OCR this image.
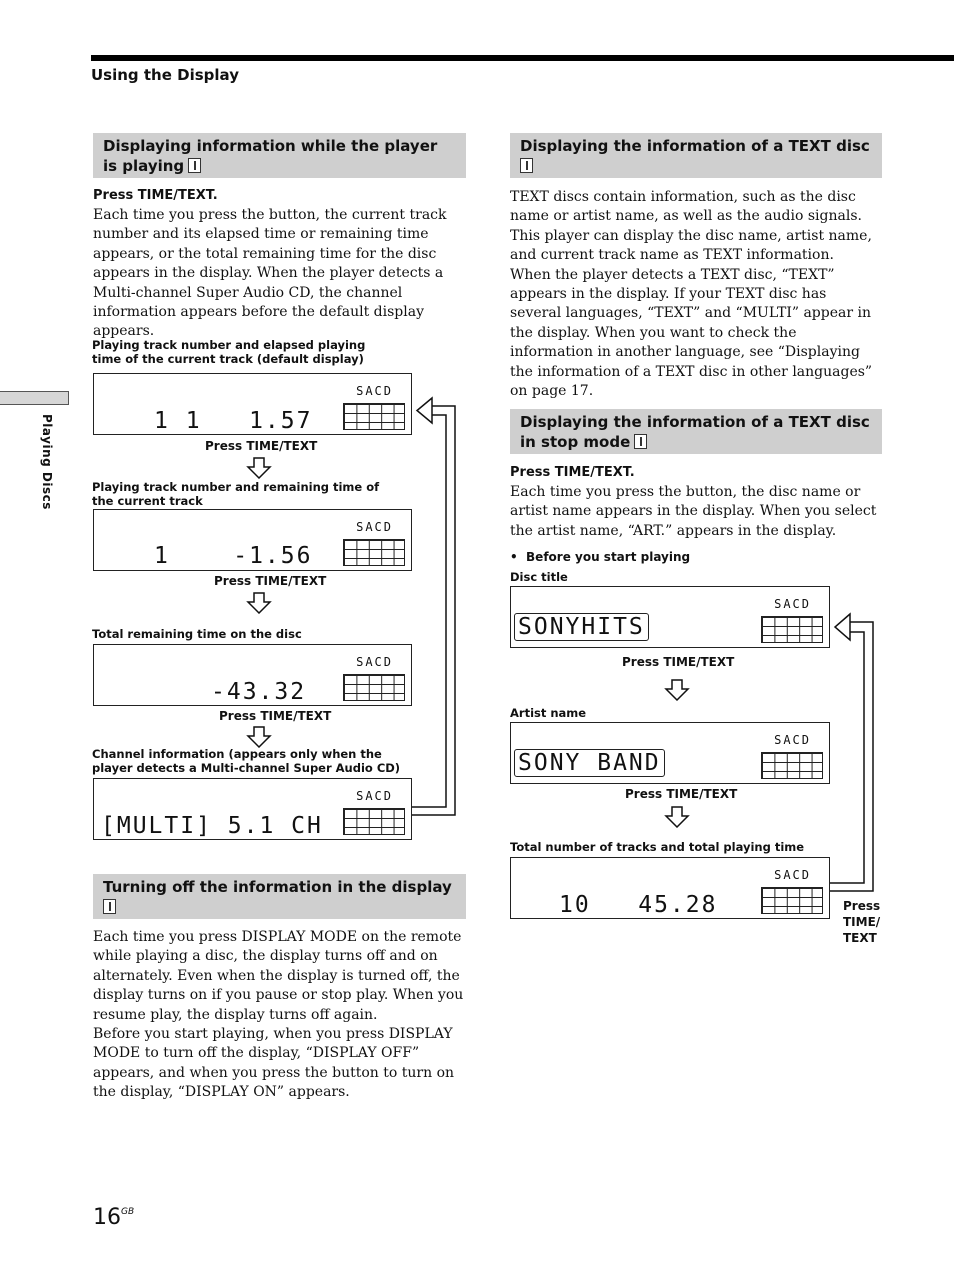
Using the Display
Playing Discs
Displaying information while the player is playing
Press TIME/TEXT.
Each time you press the button, the current track number and its elapsed time or remaining time appears, or the total remaining time for the disc appears in the display. When the player detects a Multi-channel Super Audio CD, the channel information appears before the default display appears.
Playing track number and elapsed playing time of the current track (default display)
SACD
1 1   1.57
Press TIME/TEXT
Playing track number and remaining time of the current track
SACD
1    -1.56
Press TIME/TEXT
Total remaining time on the disc
SACD
-43.32
Press TIME/TEXT
Channel information (appears only when the player detects a Multi-channel Super Audio CD)
SACD
[MULTI] 5.1 CH
Turning off the information in the display

Each time you press DISPLAY MODE on the remote while playing a disc, the display turns off and on alternately. Even when the display is turned off, the display turns on if you pause or stop play. When you resume play, the display turns off again.
Before you start playing, when you press DISPLAY MODE to turn off the display, “DISPLAY OFF” appears, and when you press the button to turn on the display, “DISPLAY ON” appears.
Displaying the information of a TEXT disc

TEXT discs contain information, such as the disc name or artist name, as well as the audio signals. This player can display the disc name, artist name, and current track name as TEXT information.
When the player detects a TEXT disc, “TEXT” appears in the display. If your TEXT disc has several languages, “TEXT” and “MULTI” appear in the display. When you want to check the information in another language, see “Displaying the information of a TEXT disc in other languages” on page 17.
Displaying the information of a TEXT disc in stop mode
Press TIME/TEXT.
Each time you press the button, the disc name or artist name appears in the display. When you select the artist name, “ART.” appears in the display.
•  Before you start playing
Disc title
SACD
SONYHITS
Press TIME/TEXT
Artist name
SACD
SONY BAND
Press TIME/TEXT
Total number of tracks and total playing time
SACD
10   45.28	Press
TIME/
TEXT
$16^{GB}$
